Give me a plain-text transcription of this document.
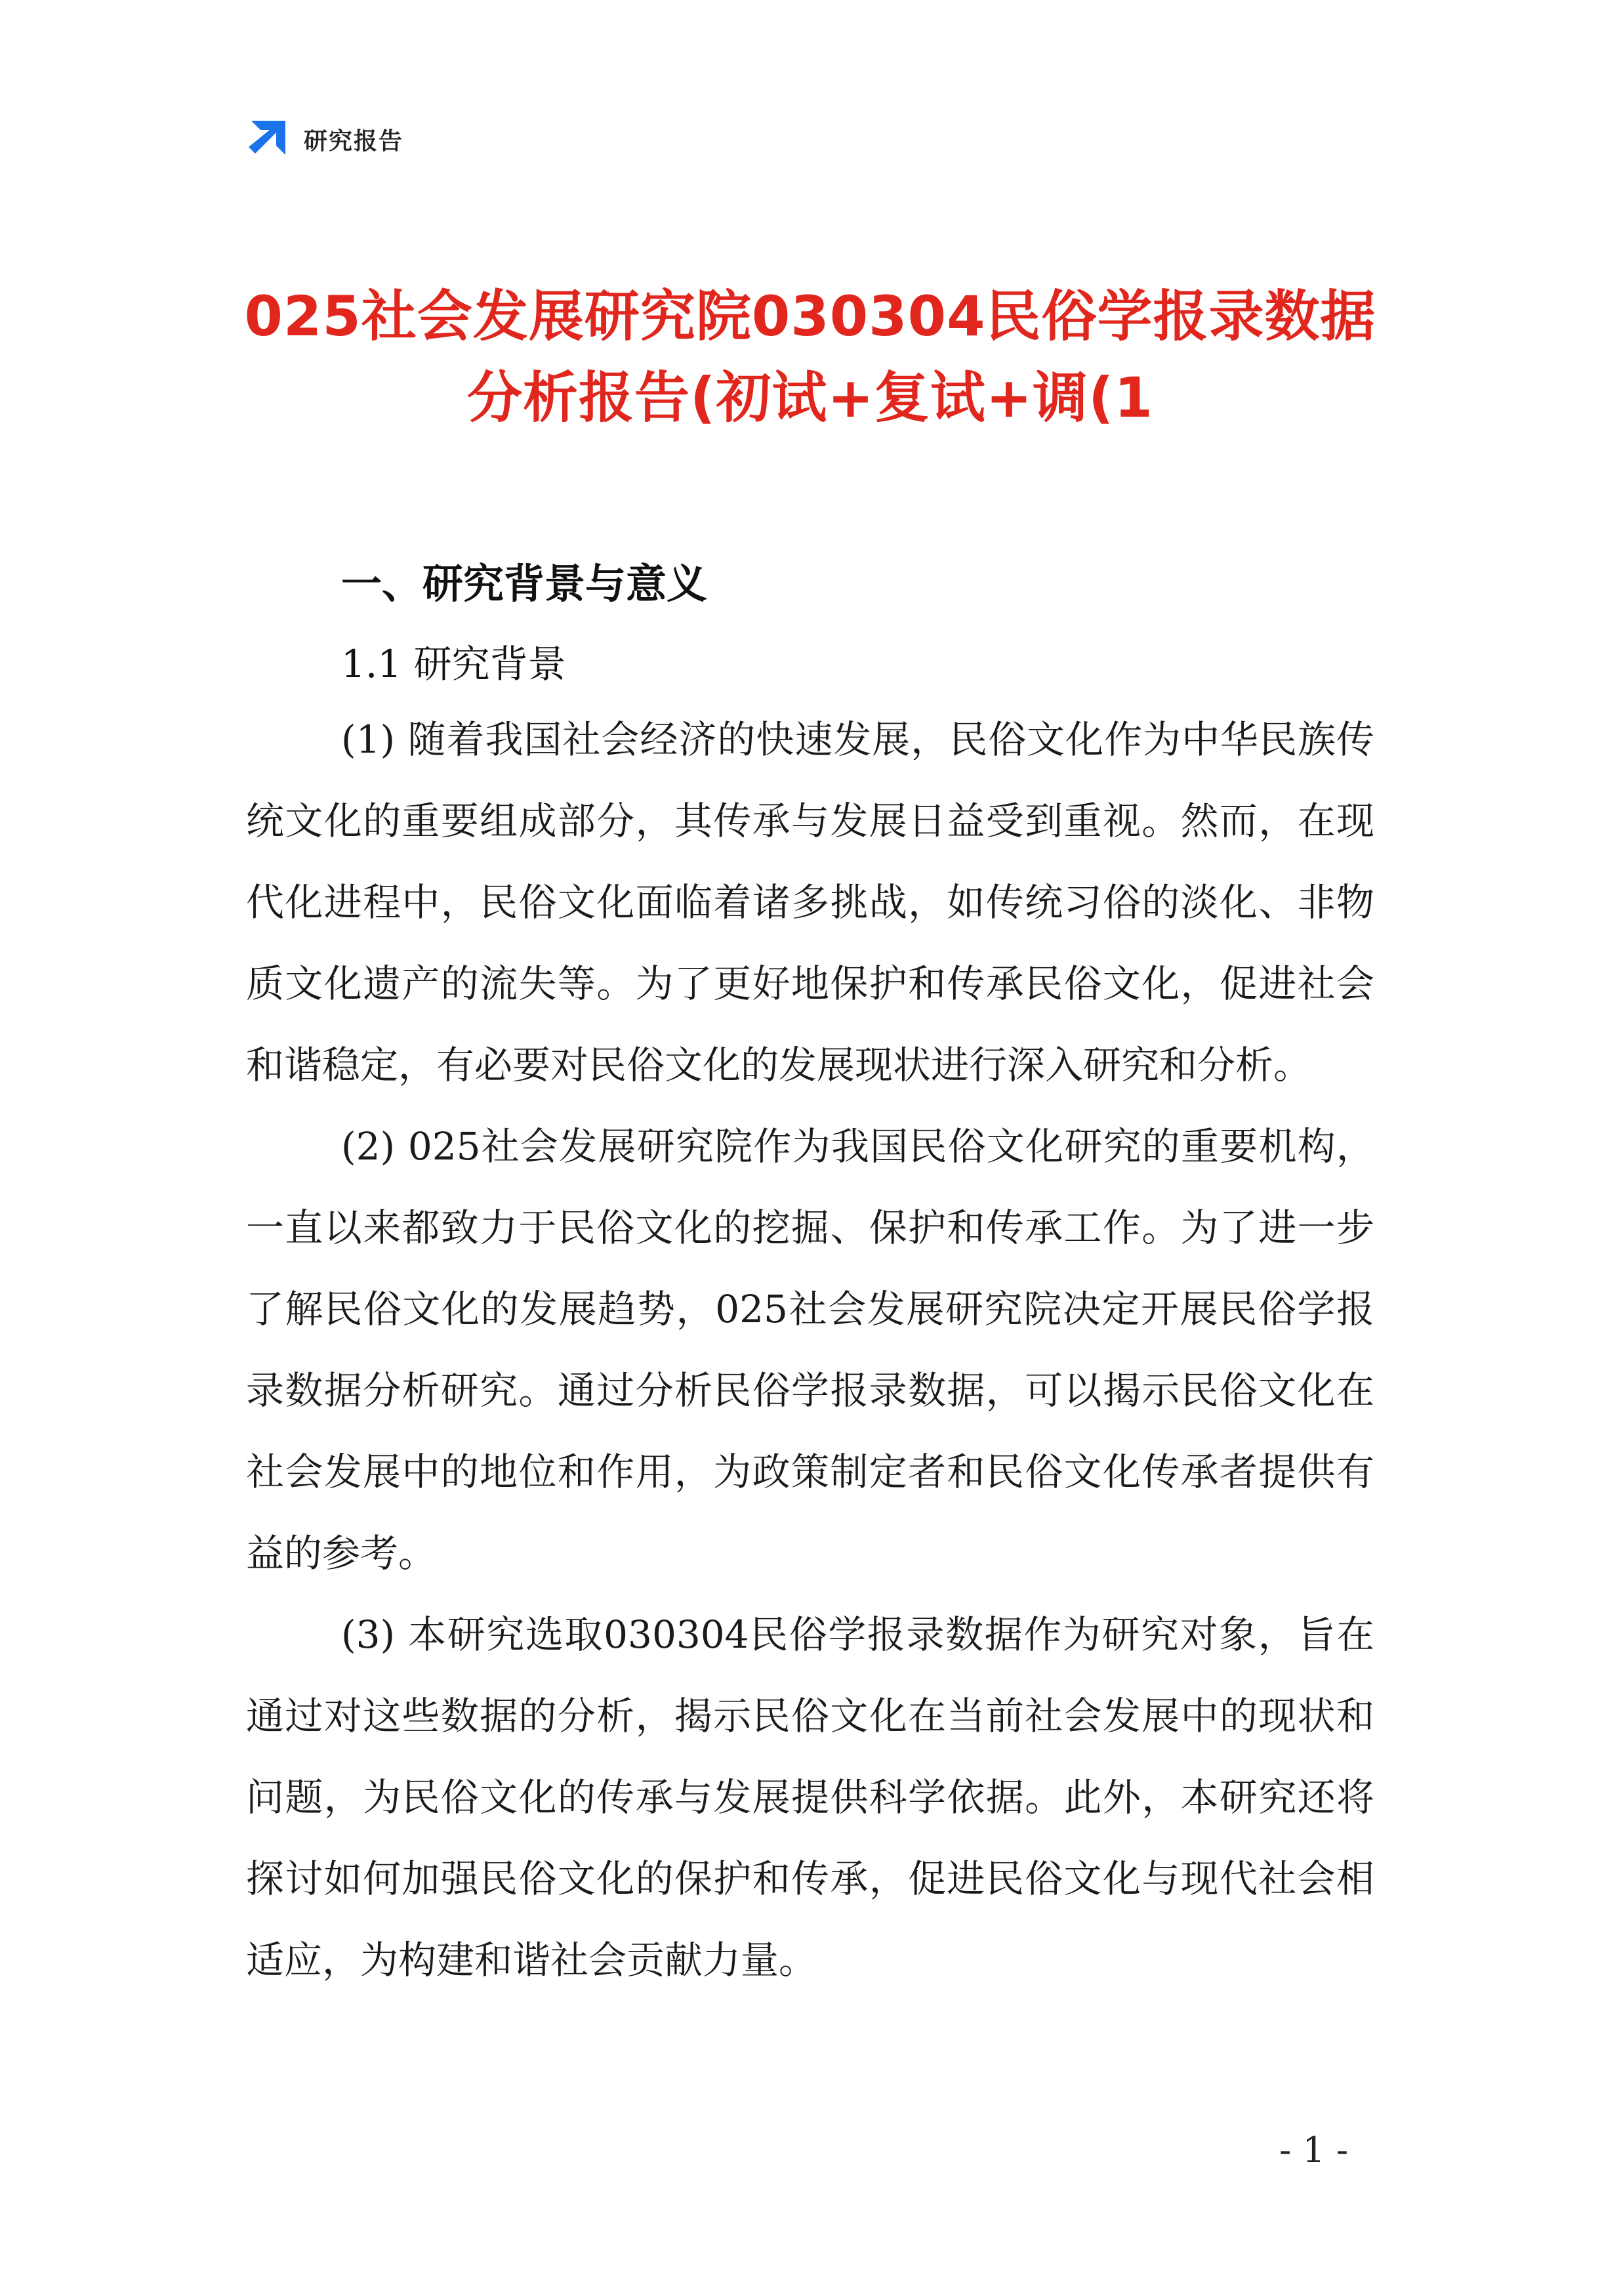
研究报告
025社会发展研究院030304民俗学报录数据
分析报告(初试+复试+调(1
一、研究背景与意义
1.1 研究背景

(1) 随着我国社会经济的快速发展，民俗文化作为中华民族传统文化的重要组成部分，其传承与发展日益受到重视。然而，在现代化进程中，民俗文化面临着诸多挑战，如传统习俗的淡化、非物质文化遗产的流失等。为了更好地保护和传承民俗文化，促进社会和谐稳定，有必要对民俗文化的发展现状进行深入研究和分析。

(2) 025社会发展研究院作为我国民俗文化研究的重要机构，一直以来都致力于民俗文化的挖掘、保护和传承工作。为了进一步了解民俗文化的发展趋势，025社会发展研究院决定开展民俗学报录数据分析研究。通过分析民俗学报录数据，可以揭示民俗文化在社会发展中的地位和作用，为政策制定者和民俗文化传承者提供有益的参考。

(3) 本研究选取030304民俗学报录数据作为研究对象，旨在通过对这些数据的分析，揭示民俗文化在当前社会发展中的现状和问题，为民俗文化的传承与发展提供科学依据。此外，本研究还将探讨如何加强民俗文化的保护和传承，促进民俗文化与现代社会相适应，为构建和谐社会贡献力量。

- 1 -
